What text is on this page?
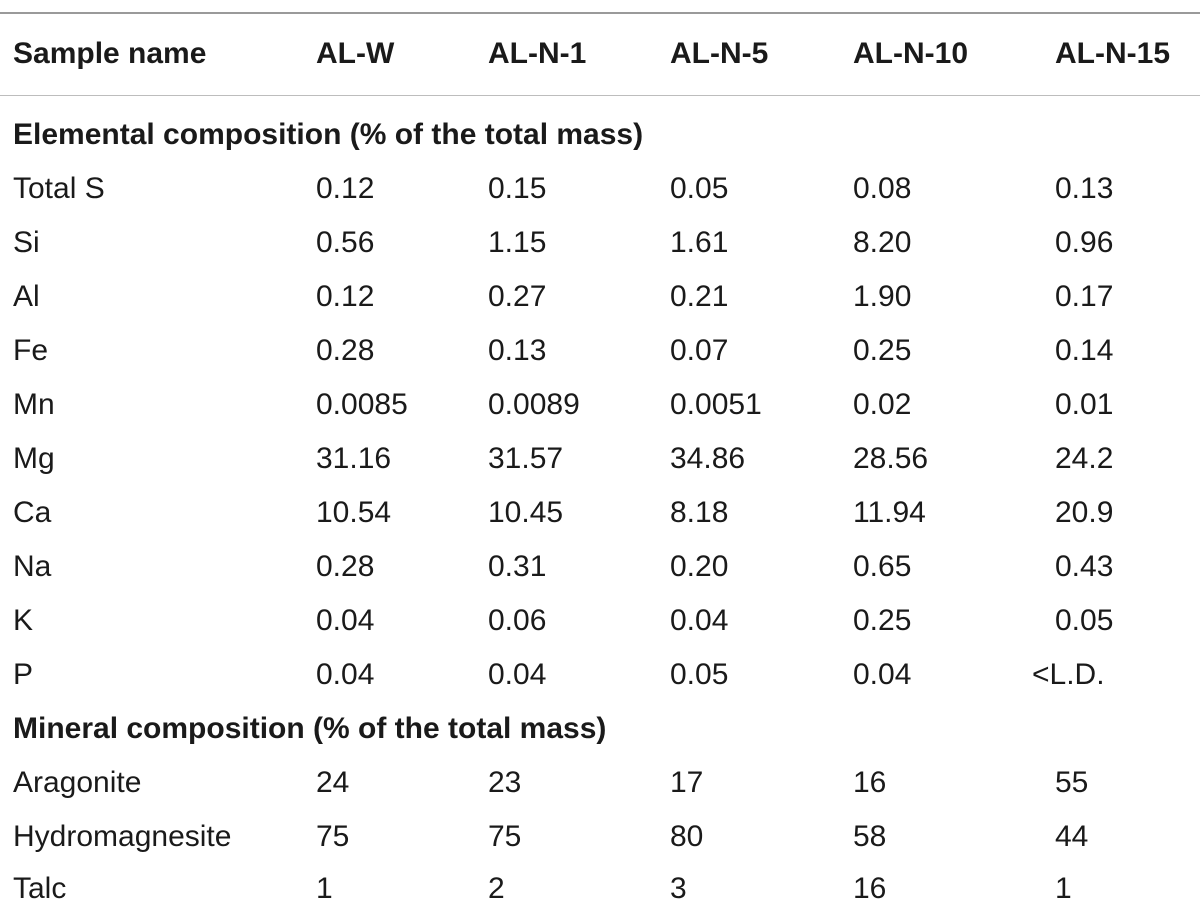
Sample name	AL-W	AL-N-1	AL-N-5	AL-N-10	AL-N-15
Elemental composition (% of the total mass)
Total S	0.12	0.15	0.05	0.08	0.13
Si	0.56	1.15	1.61	8.20	0.96
Al	0.12	0.27	0.21	1.90	0.17
Fe	0.28	0.13	0.07	0.25	0.14
Mn	0.0085	0.0089	0.0051	0.02	0.01
Mg	31.16	31.57	34.86	28.56	24.2
Ca	10.54	10.45	8.18	11.94	20.9
Na	0.28	0.31	0.20	0.65	0.43
K	0.04	0.06	0.04	0.25	0.05
P	0.04	0.04	0.05	0.04	<L.D.
Mineral composition (% of the total mass)
Aragonite	24	23	17	16	55
Hydromagnesite	75	75	80	58	44
Talc	1	2	3	16	1
